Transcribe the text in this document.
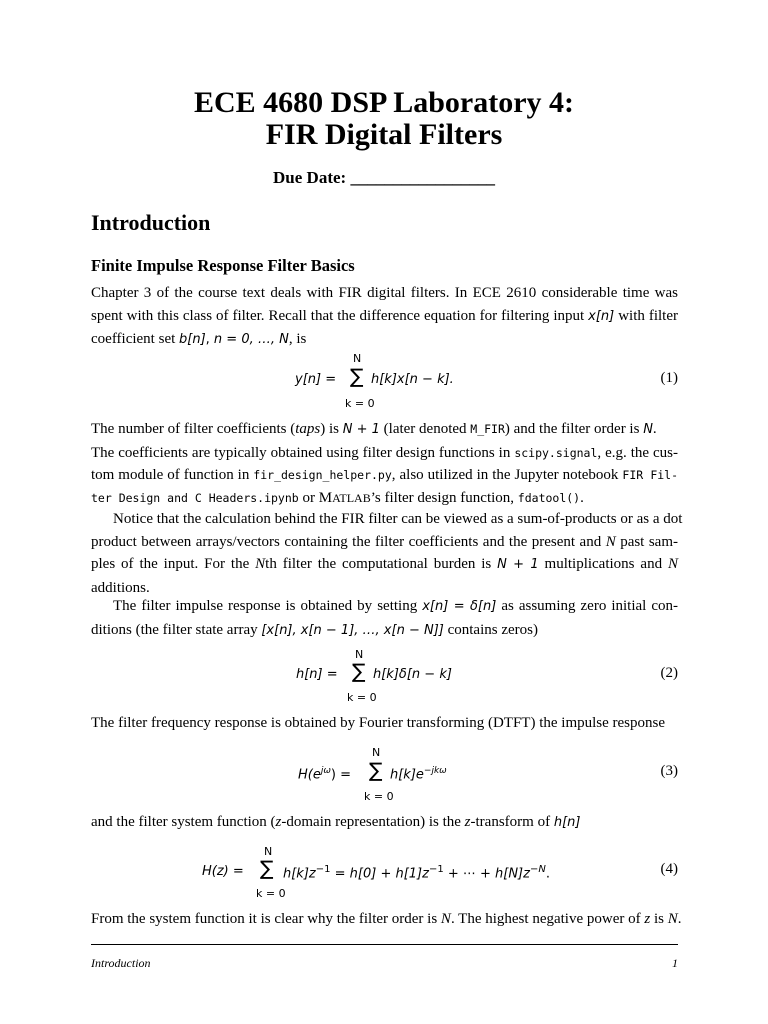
ECE 4680 DSP Laboratory 4:
FIR Digital Filters
Due Date: _________________
Introduction
Finite Impulse Response Filter Basics
Chapter 3 of the course text deals with FIR digital filters. In ECE 2610 considerable time was
spent with this class of filter. Recall that the difference equation for filtering input x[n] with filter
coefficient set b[n], n = 0, …, N, is
N
y[n] = ∑ h[k]x[n − k].
k = 0
(1)
The number of filter coefficients (taps) is N + 1 (later denoted M_FIR) and the filter order is N.
The coefficients are typically obtained using filter design functions in scipy.signal, e.g. the cus-
tom module of function in fir_design_helper.py, also utilized in the Jupyter notebook FIR Fil-
ter Design and C Headers.ipynb or MATLAB’s filter design function, fdatool().
Notice that the calculation behind the FIR filter can be viewed as a sum-of-products or as a dot
product between arrays/vectors containing the filter coefficients and the present and N past sam-
ples of the input. For the Nth filter the computational burden is N + 1 multiplications and N
additions.
The filter impulse response is obtained by setting x[n] = δ[n] as assuming zero initial con-
ditions (the filter state array [x[n], x[n − 1], …, x[n − N]] contains zeros)
N
h[n] = ∑ h[k]δ[n − k]
k = 0
(2)
The filter frequency response is obtained by Fourier transforming (DTFT) the impulse response
N
$H(e^{j\omega})$ = ∑ $h[k]e^{-jk\omega}$
k = 0
(3)
and the filter system function (z-domain representation) is the z-transform of h[n]
N
H(z) = ∑ $h[k]z^{-1} = h[0] + h[1]z^{-1}$ + ⋯ + $h[N]z^{-N}$.
k = 0
(4)
From the system function it is clear why the filter order is N. The highest negative power of z is N.
Introduction	1
